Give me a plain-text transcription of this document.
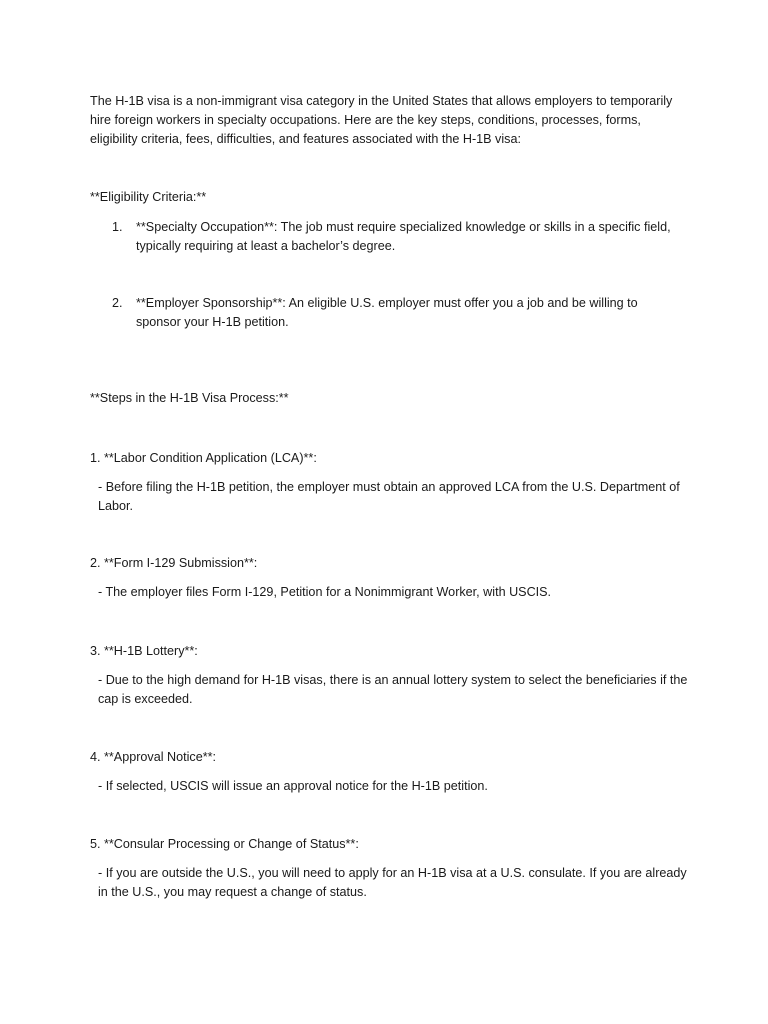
The H-1B visa is a non-immigrant visa category in the United States that allows employers to temporarily hire foreign workers in specialty occupations. Here are the key steps, conditions, processes, forms, eligibility criteria, fees, difficulties, and features associated with the H-1B visa:

**Eligibility Criteria:**

1.	**Specialty Occupation**: The job must require specialized knowledge or skills in a specific field, typically requiring at least a bachelor’s degree.
2.	**Employer Sponsorship**: An eligible U.S. employer must offer you a job and be willing to sponsor your H-1B petition.

**Steps in the H-1B Visa Process:**

1. **Labor Condition Application (LCA)**:

- Before filing the H-1B petition, the employer must obtain an approved LCA from the U.S. Department of Labor.

2. **Form I-129 Submission**:

- The employer files Form I-129, Petition for a Nonimmigrant Worker, with USCIS.

3. **H-1B Lottery**:

- Due to the high demand for H-1B visas, there is an annual lottery system to select the beneficiaries if the cap is exceeded.

4. **Approval Notice**:

- If selected, USCIS will issue an approval notice for the H-1B petition.

5. **Consular Processing or Change of Status**:

- If you are outside the U.S., you will need to apply for an H-1B visa at a U.S. consulate. If you are already in the U.S., you may request a change of status.
